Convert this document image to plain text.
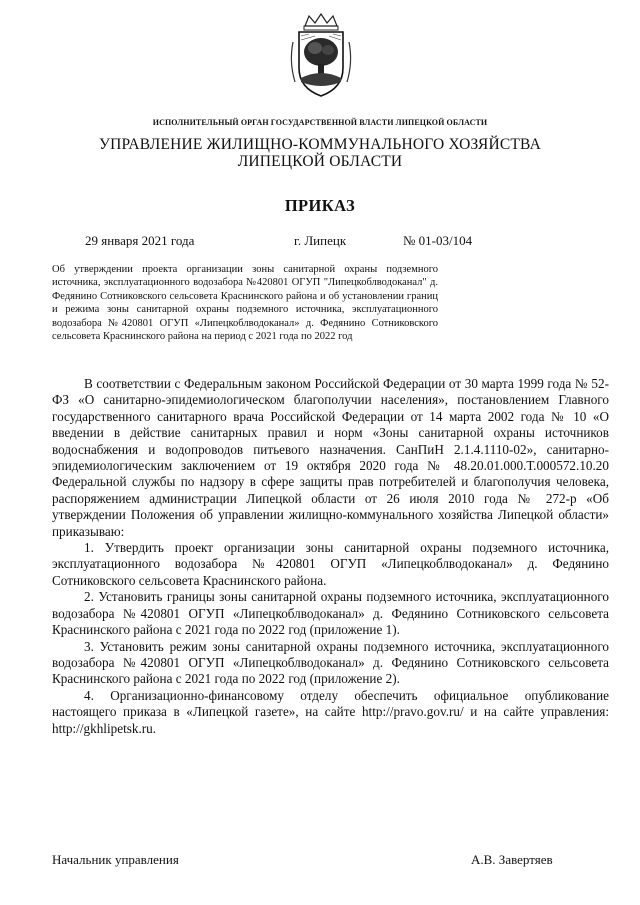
ИСПОЛНИТЕЛЬНЫЙ ОРГАН ГОСУДАРСТВЕННОЙ ВЛАСТИ ЛИПЕЦКОЙ ОБЛАСТИ
УПРАВЛЕНИЕ ЖИЛИЩНО-КОММУНАЛЬНОГО ХОЗЯЙСТВА
ЛИПЕЦКОЙ ОБЛАСТИ
ПРИКАЗ
29 января 2021 года	г. Липецк	№ 01-03/104
Об утверждении проекта организации зоны санитарной охраны подземного источника, эксплуатационного водозабора №420801 ОГУП "Липецкоблводоканал" д. Федянино Сотниковского сельсовета Краснинского района и об установлении границ и режима зоны санитарной охраны подземного источника, эксплуатационного водозабора №420801 ОГУП «Липецкоблводоканал» д. Федянино Сотниковского сельсовета Краснинского района на период с 2021 года по 2022 год

В соответствии с Федеральным законом Российской Федерации от 30 марта 1999 года № 52-ФЗ «О санитарно-эпидемиологическом благополучии населения», постановлением Главного государственного санитарного врача Российской Федерации от 14 марта 2002 года № 10 «О введении в действие санитарных правил и норм «Зоны санитарной охраны источников водоснабжения и водопроводов питьевого назначения. СанПиН 2.1.4.1110-02», санитарно-эпидемиологическим заключением от 19 октября 2020 года № 48.20.01.000.Т.000572.10.20 Федеральной службы по надзору в сфере защиты прав потребителей и благополучия человека, распоряжением администрации Липецкой области от 26 июля 2010 года № 272-р «Об утверждении Положения об управлении жилищно-коммунального хозяйства Липецкой области» приказываю:

1. Утвердить проект организации зоны санитарной охраны подземного источника, эксплуатационного водозабора №420801 ОГУП «Липецкоблводоканал» д. Федянино Сотниковского сельсовета Краснинского района.

2. Установить границы зоны санитарной охраны подземного источника, эксплуатационного водозабора №420801 ОГУП «Липецкоблводоканал» д. Федянино Сотниковского сельсовета Краснинского района с 2021 года по 2022 год (приложение 1).

3. Установить режим зоны санитарной охраны подземного источника, эксплуатационного водозабора №420801 ОГУП «Липецкоблводоканал» д. Федянино Сотниковского сельсовета Краснинского района с 2021 года по 2022 год (приложение 2).

4. Организационно-финансовому отделу обеспечить официальное опубликование настоящего приказа в «Липецкой газете», на сайте http://pravo.gov.ru/ и на сайте управления: http://gkhlipetsk.ru.

Начальник управления	А.В. Завертяев
